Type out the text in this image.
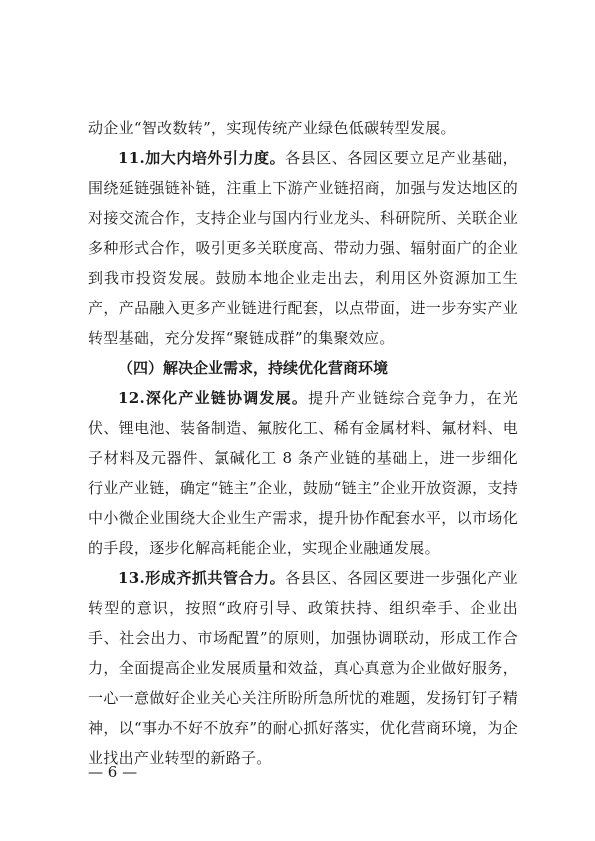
动企业“智改数转”，实现传统产业绿色低碳转型发展。

11.加大内培外引力度。各县区、各园区要立足产业基础，围绕延链强链补链，注重上下游产业链招商，加强与发达地区的对接交流合作，支持企业与国内行业龙头、科研院所、关联企业多种形式合作，吸引更多关联度高、带动力强、辐射面广的企业到我市投资发展。鼓励本地企业走出去，利用区外资源加工生产，产品融入更多产业链进行配套，以点带面，进一步夯实产业转型基础，充分发挥“聚链成群”的集聚效应。

（四）解决企业需求，持续优化营商环境

12.深化产业链协调发展。提升产业链综合竞争力，在光伏、锂电池、装备制造、氟胺化工、稀有金属材料、氟材料、电子材料及元器件、氯碱化工 8 条产业链的基础上，进一步细化行业产业链，确定“链主”企业，鼓励“链主”企业开放资源，支持中小微企业围绕大企业生产需求，提升协作配套水平，以市场化的手段，逐步化解高耗能企业，实现企业融通发展。

13.形成齐抓共管合力。各县区、各园区要进一步强化产业转型的意识，按照“政府引导、政策扶持、组织牵手、企业出手、社会出力、市场配置”的原则，加强协调联动，形成工作合力，全面提高企业发展质量和效益，真心真意为企业做好服务，一心一意做好企业关心关注所盼所急所忧的难题，发扬钉钉子精神，以“事办不好不放弃”的耐心抓好落实，优化营商环境，为企业找出产业转型的新路子。

— 6 —
